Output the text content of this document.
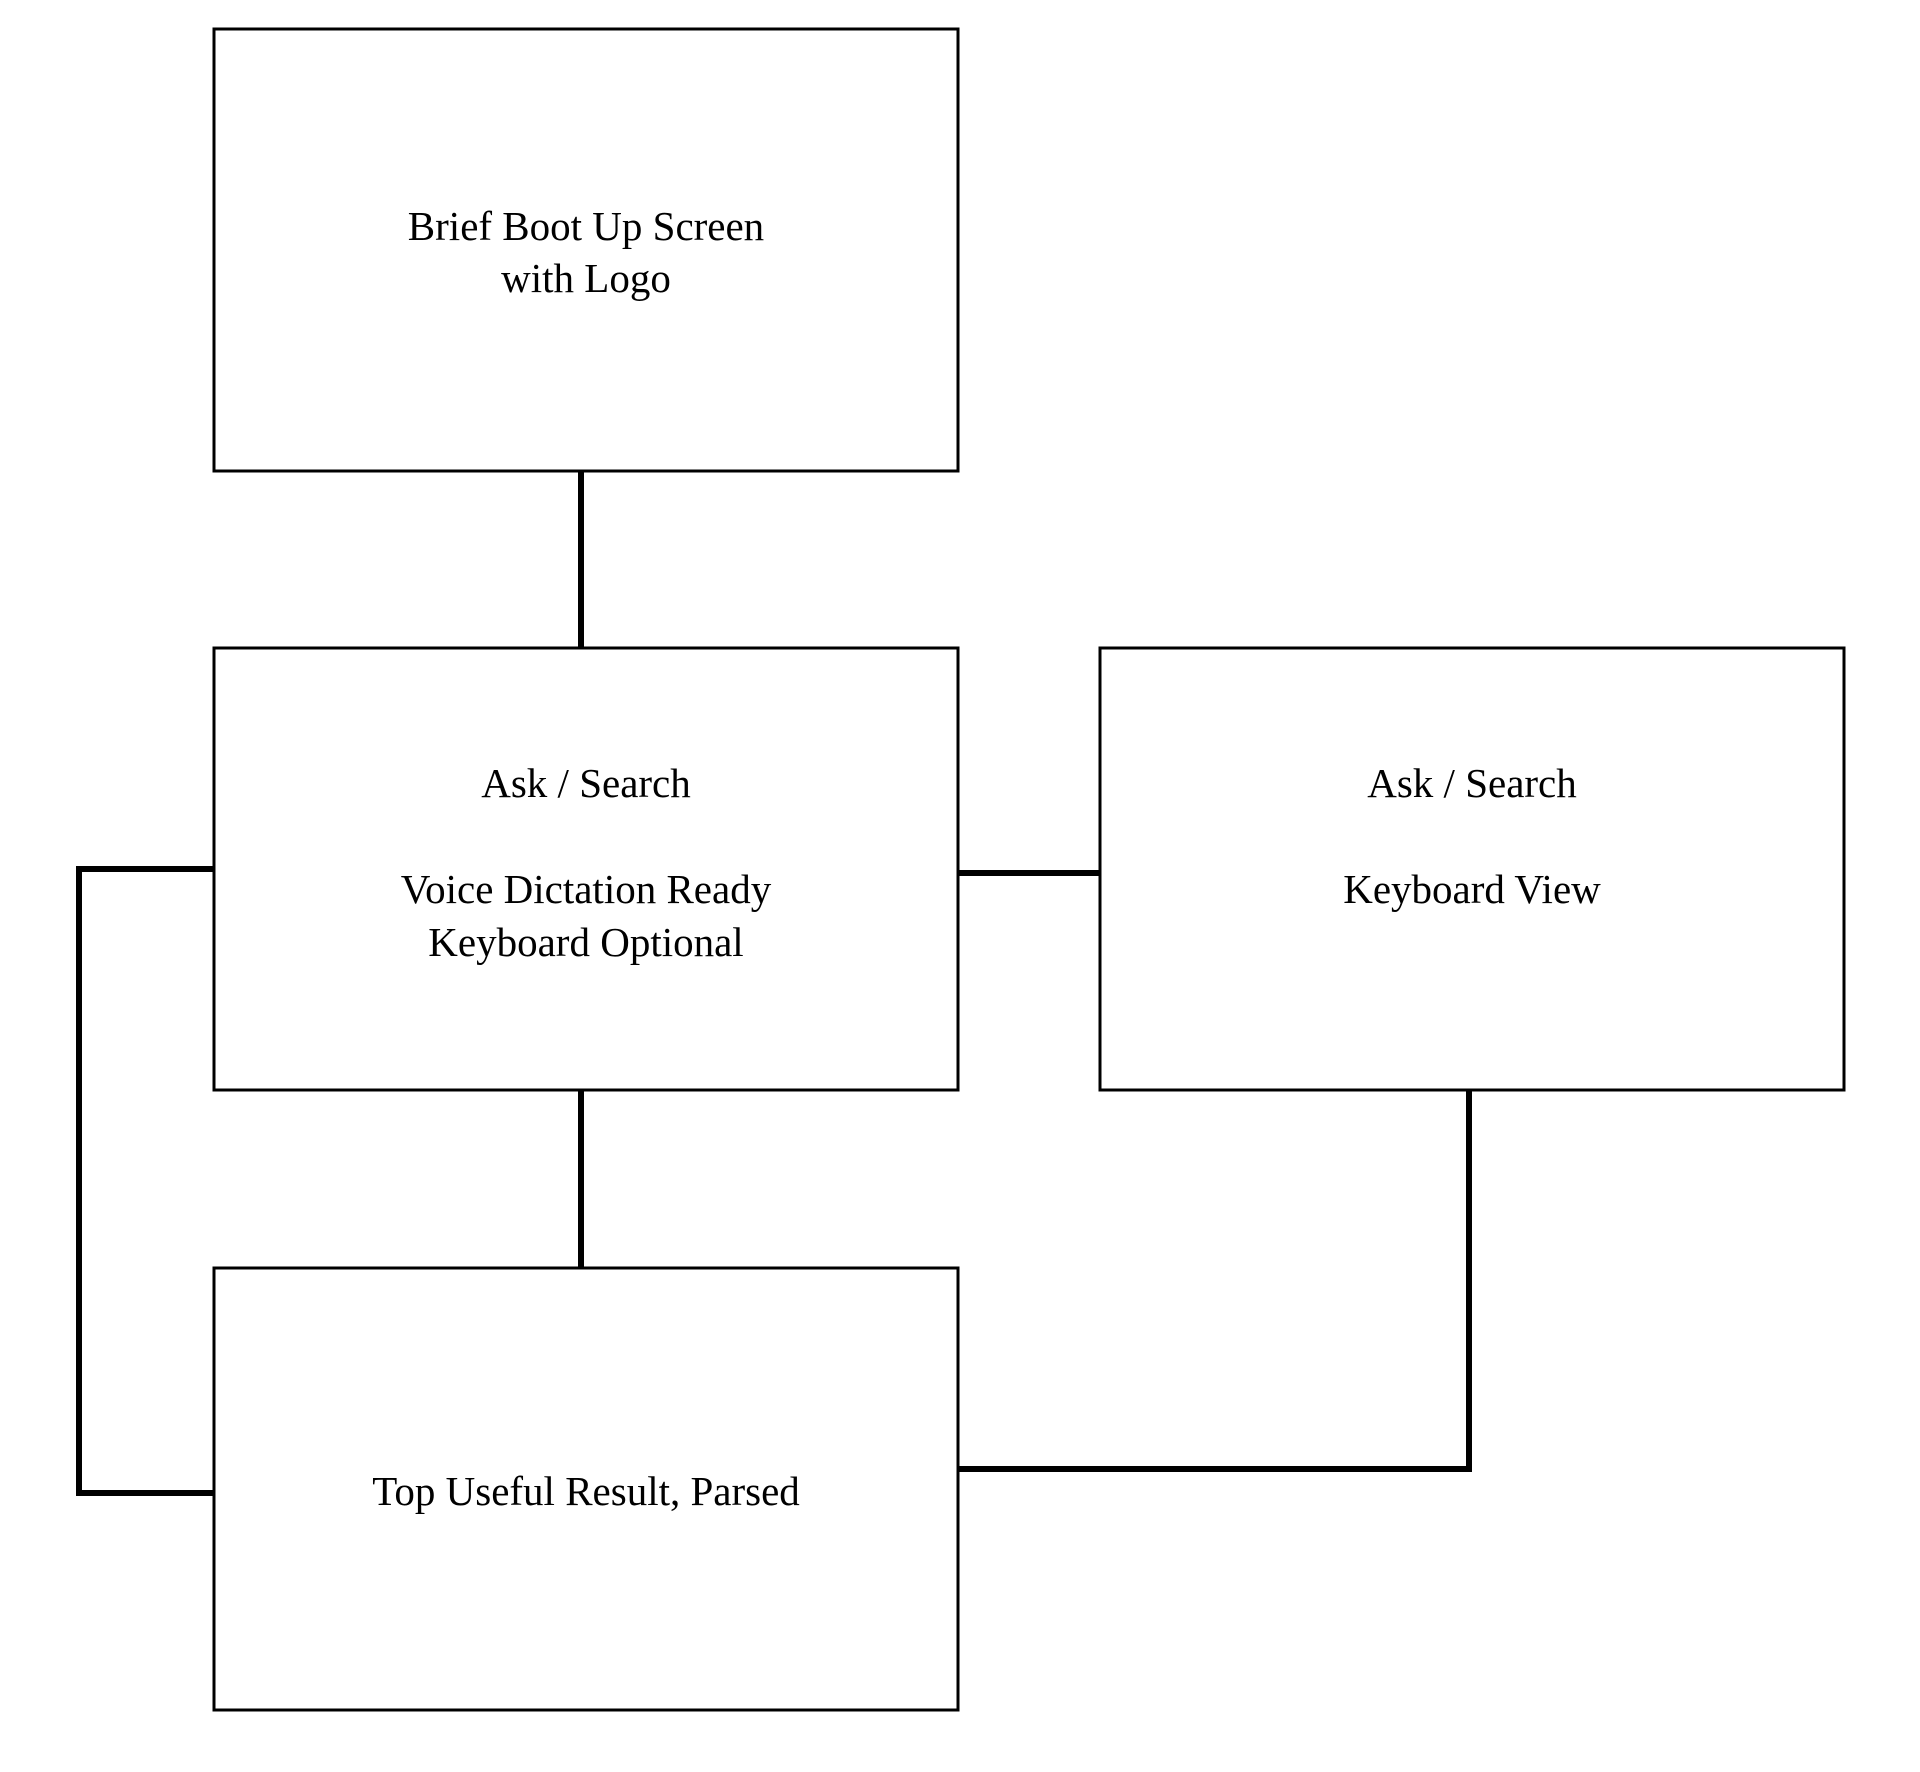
Brief Boot Up Screen
with Logo
Ask / Search
Voice Dictation Ready
Keyboard Optional
Ask / Search
Keyboard View
Top Useful Result, Parsed
